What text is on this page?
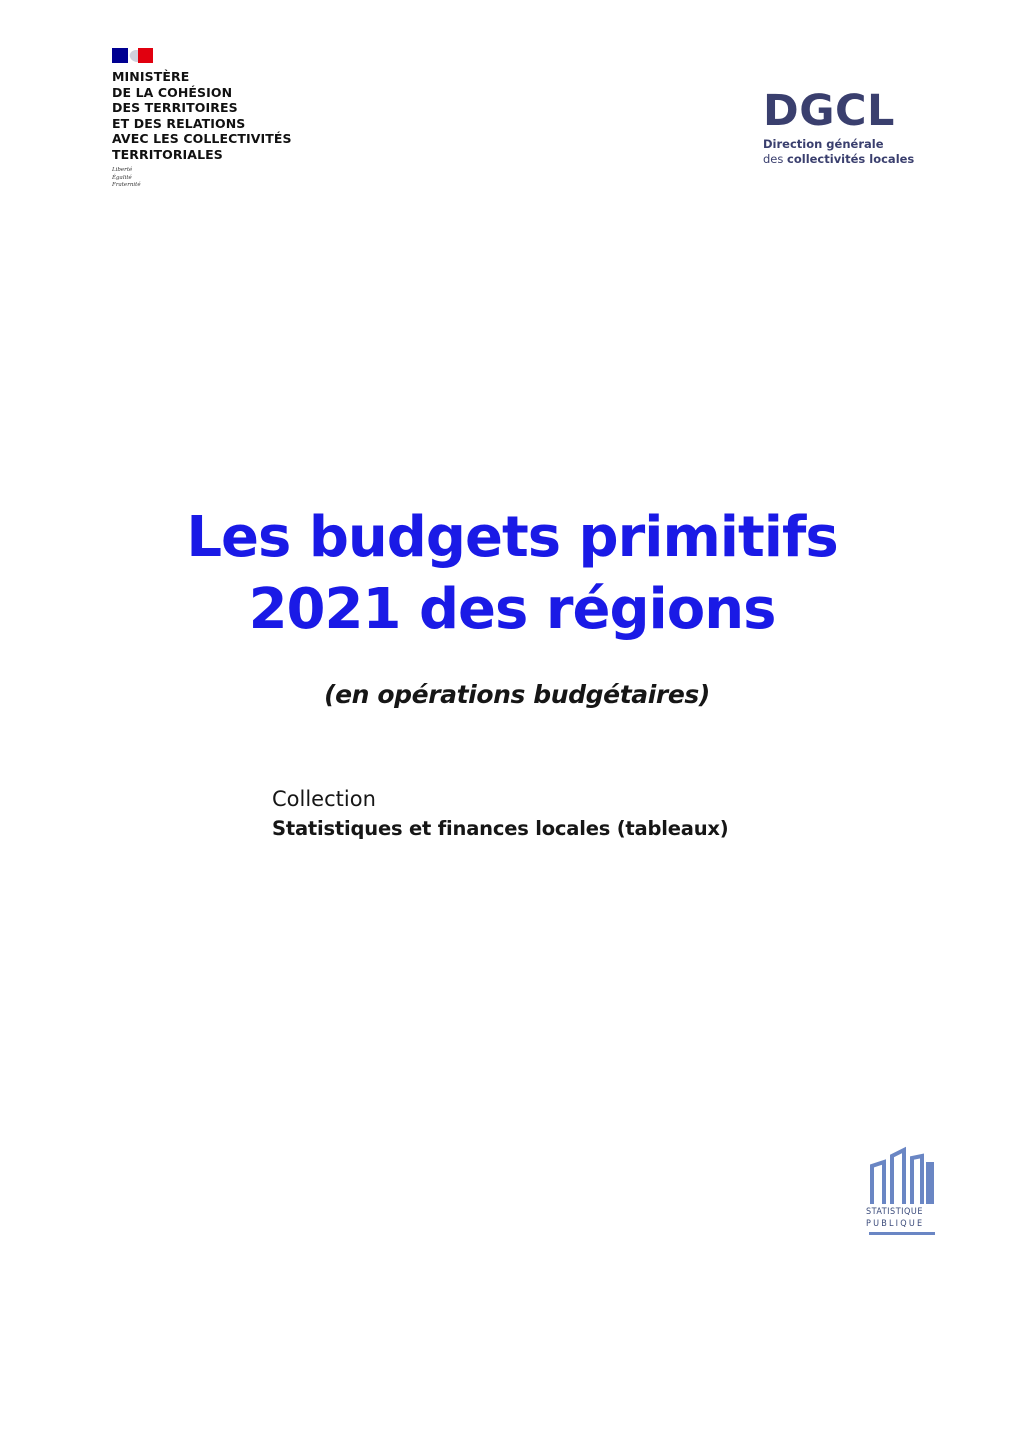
MINISTÈRE
DE LA COHÉSION
DES TERRITOIRES
ET DES RELATIONS
AVEC LES COLLECTIVITÉS
TERRITORIALES
Liberté
Égalité
Fraternité
DGCL
Direction générale
des collectivités locales
Les budgets primitifs
2021 des régions
(en opérations budgétaires)
Collection
Statistiques et finances locales (tableaux)
STATISTIQUE
PUBLIQUE
